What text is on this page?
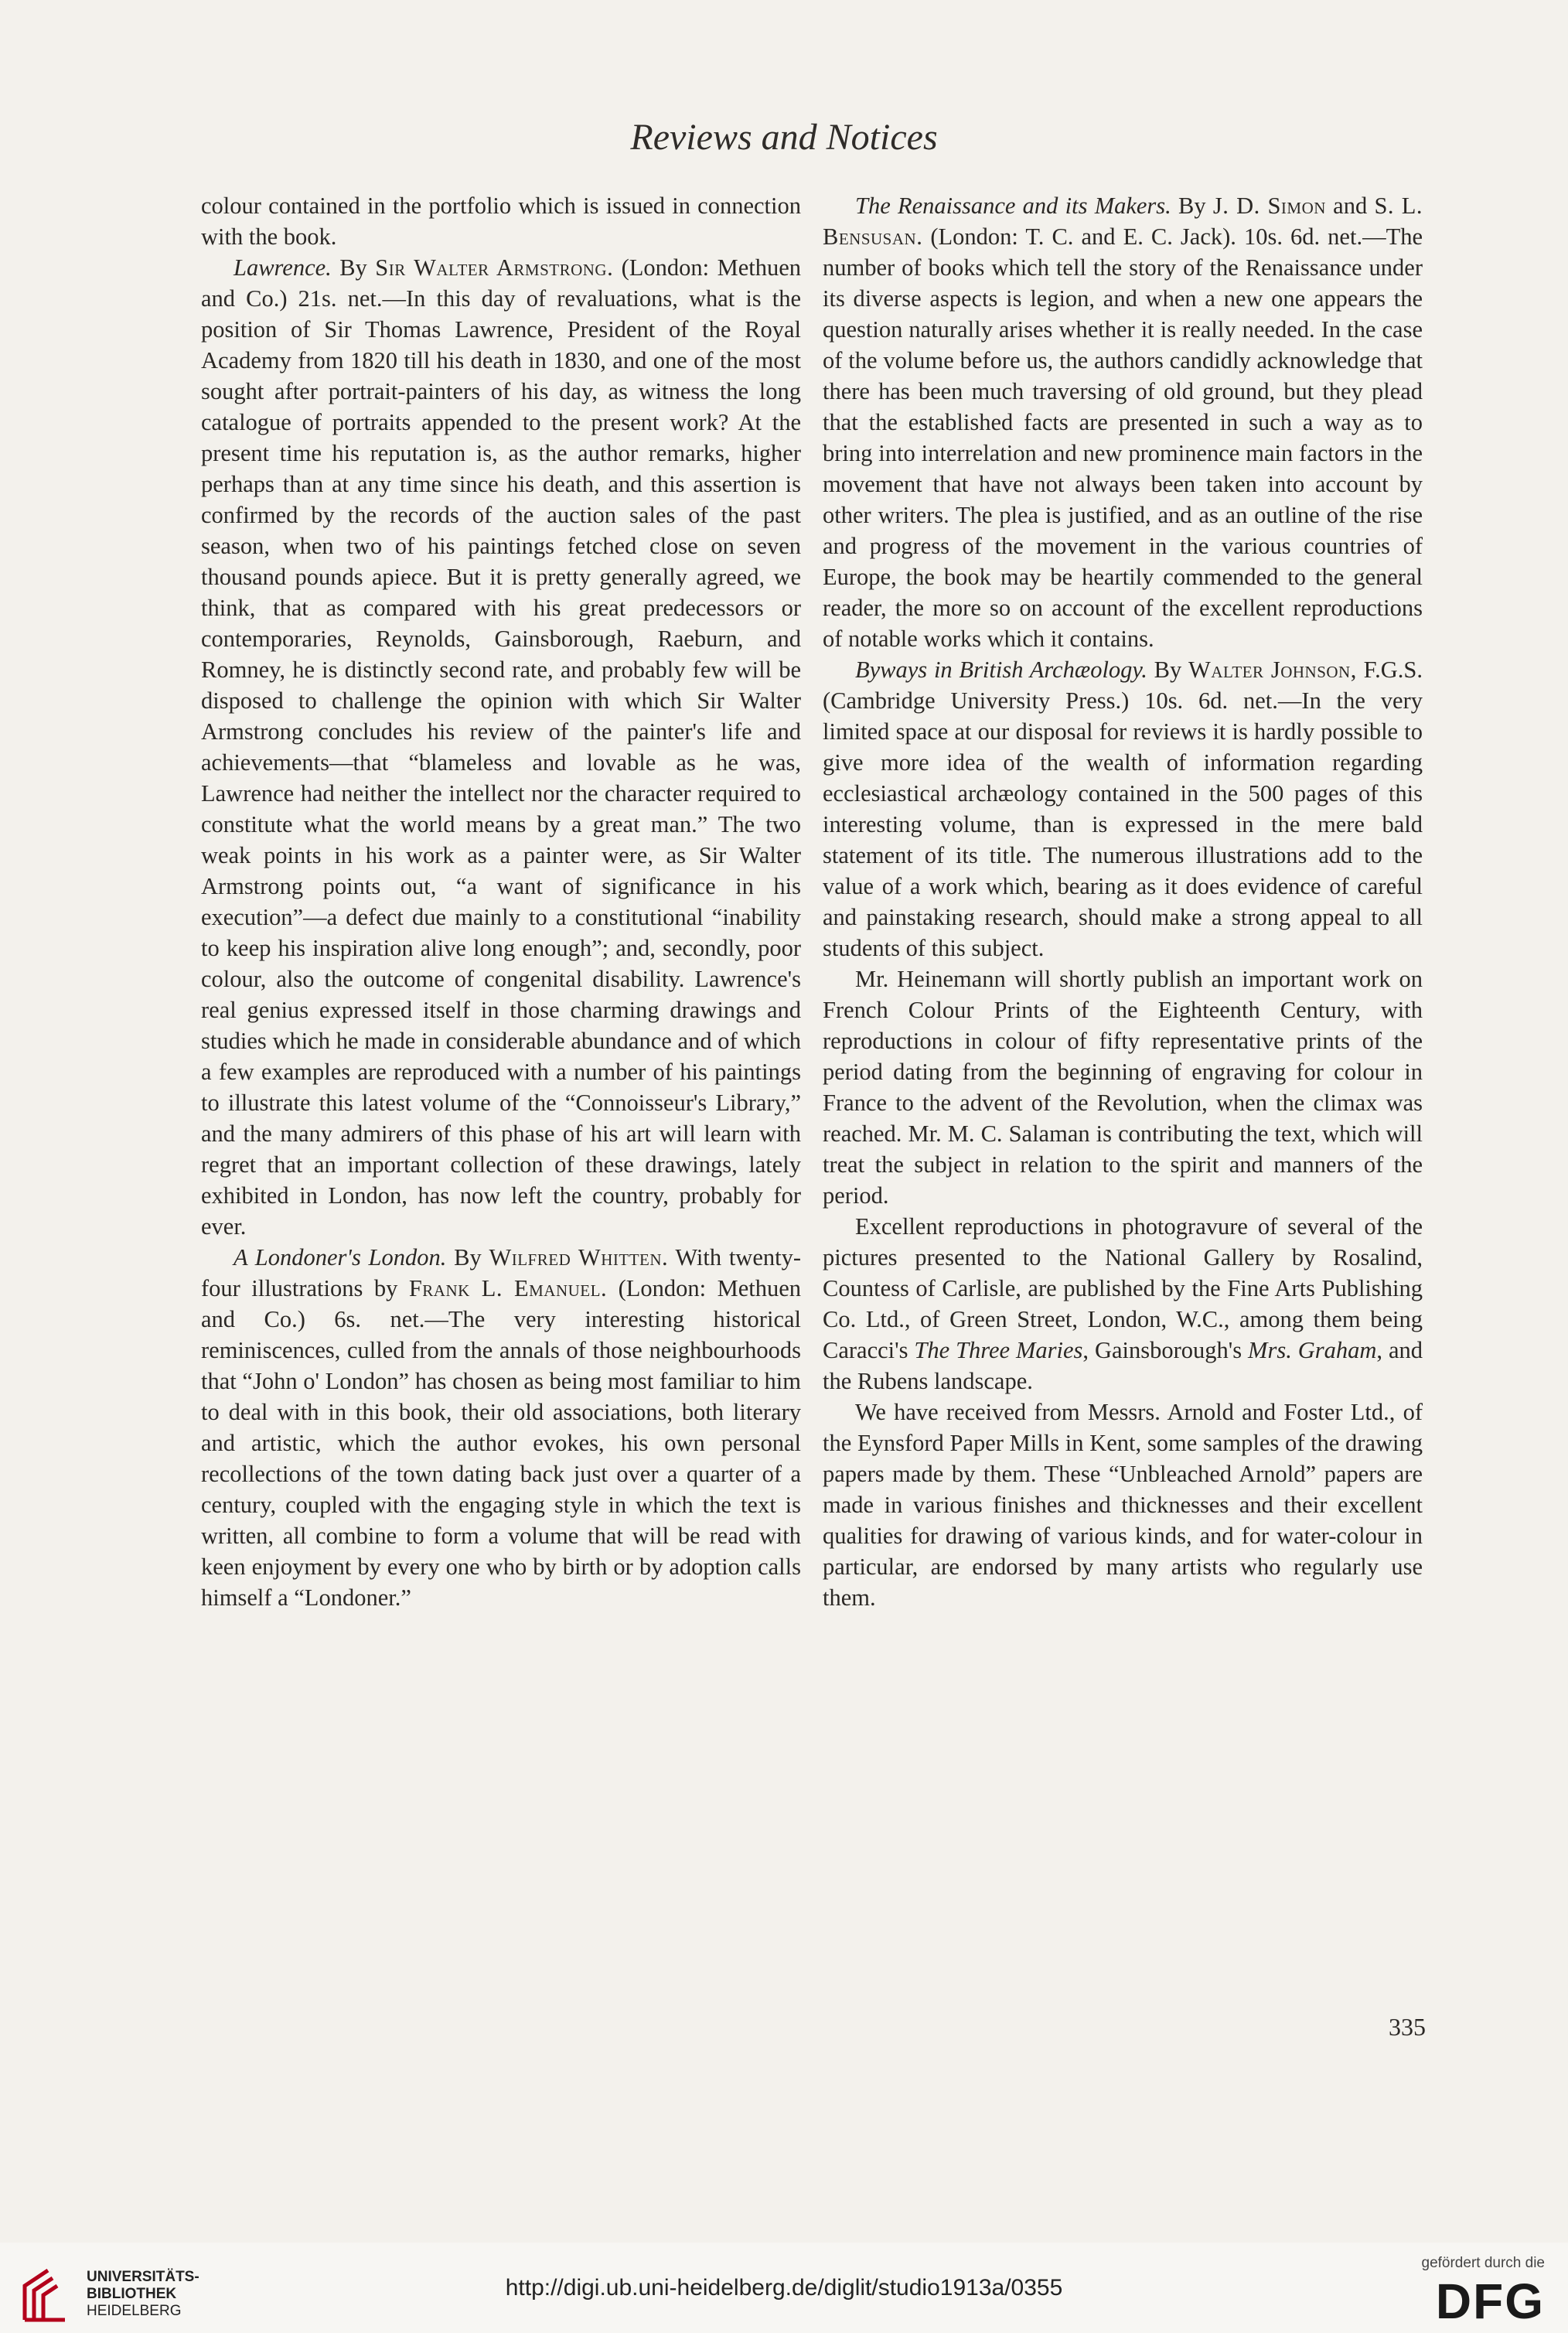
Reviews and Notices

colour contained in the portfolio which is issued in connection with the book.

Lawrence. By Sir Walter Armstrong. (London: Methuen and Co.) 21s. net.—In this day of revaluations, what is the position of Sir Thomas Lawrence, President of the Royal Academy from 1820 till his death in 1830, and one of the most sought after portrait-painters of his day, as witness the long catalogue of portraits appended to the present work? At the present time his reputation is, as the author remarks, higher perhaps than at any time since his death, and this assertion is confirmed by the records of the auction sales of the past season, when two of his paintings fetched close on seven thousand pounds apiece. But it is pretty generally agreed, we think, that as compared with his great predecessors or contemporaries, Reynolds, Gainsborough, Raeburn, and Romney, he is distinctly second rate, and probably few will be disposed to challenge the opinion with which Sir Walter Armstrong concludes his review of the painter's life and achievements—that “blameless and lovable as he was, Lawrence had neither the intellect nor the character required to constitute what the world means by a great man.” The two weak points in his work as a painter were, as Sir Walter Armstrong points out, “a want of significance in his execution”—a defect due mainly to a constitutional “inability to keep his inspiration alive long enough”; and, secondly, poor colour, also the outcome of congenital disability. Lawrence's real genius expressed itself in those charming drawings and studies which he made in considerable abundance and of which a few examples are reproduced with a number of his paintings to illustrate this latest volume of the “Connoisseur's Library,” and the many admirers of this phase of his art will learn with regret that an important collection of these drawings, lately exhibited in London, has now left the country, probably for ever.

A Londoner's London. By Wilfred Whitten. With twenty-four illustrations by Frank L. Emanuel. (London: Methuen and Co.) 6s. net.—The very interesting historical reminiscences, culled from the annals of those neighbourhoods that “John o' London” has chosen as being most familiar to him to deal with in this book, their old associations, both literary and artistic, which the author evokes, his own personal recollections of the town dating back just over a quarter of a century, coupled with the engaging style in which the text is written, all combine to form a volume that will be read with keen enjoyment by every one who by birth or by adoption calls himself a “Londoner.”

The Renaissance and its Makers. By J. D. Simon and S. L. Bensusan. (London: T. C. and E. C. Jack). 10s. 6d. net.—The number of books which tell the story of the Renaissance under its diverse aspects is legion, and when a new one appears the question naturally arises whether it is really needed. In the case of the volume before us, the authors candidly acknowledge that there has been much traversing of old ground, but they plead that the established facts are presented in such a way as to bring into interrelation and new prominence main factors in the movement that have not always been taken into account by other writers. The plea is justified, and as an outline of the rise and progress of the movement in the various countries of Europe, the book may be heartily commended to the general reader, the more so on account of the excellent reproductions of notable works which it contains.

Byways in British Archæology. By Walter Johnson, F.G.S. (Cambridge University Press.) 10s. 6d. net.—In the very limited space at our disposal for reviews it is hardly possible to give more idea of the wealth of information regarding ecclesiastical archæology contained in the 500 pages of this interesting volume, than is expressed in the mere bald statement of its title. The numerous illustrations add to the value of a work which, bearing as it does evidence of careful and painstaking research, should make a strong appeal to all students of this subject.

Mr. Heinemann will shortly publish an important work on French Colour Prints of the Eighteenth Century, with reproductions in colour of fifty representative prints of the period dating from the beginning of engraving for colour in France to the advent of the Revolution, when the climax was reached. Mr. M. C. Salaman is contributing the text, which will treat the subject in relation to the spirit and manners of the period.

Excellent reproductions in photogravure of several of the pictures presented to the National Gallery by Rosalind, Countess of Carlisle, are published by the Fine Arts Publishing Co. Ltd., of Green Street, London, W.C., among them being Caracci's The Three Maries, Gainsborough's Mrs. Graham, and the Rubens landscape.

We have received from Messrs. Arnold and Foster Ltd., of the Eynsford Paper Mills in Kent, some samples of the drawing papers made by them. These “Unbleached Arnold” papers are made in various finishes and thicknesses and their excellent qualities for drawing of various kinds, and for water-colour in particular, are endorsed by many artists who regularly use them.

335
UNIVERSITÄTS-
BIBLIOTHEK
HEIDELBERG
http://digi.ub.uni-heidelberg.de/diglit/studio1913a/0355
gefördert durch die
DFG
